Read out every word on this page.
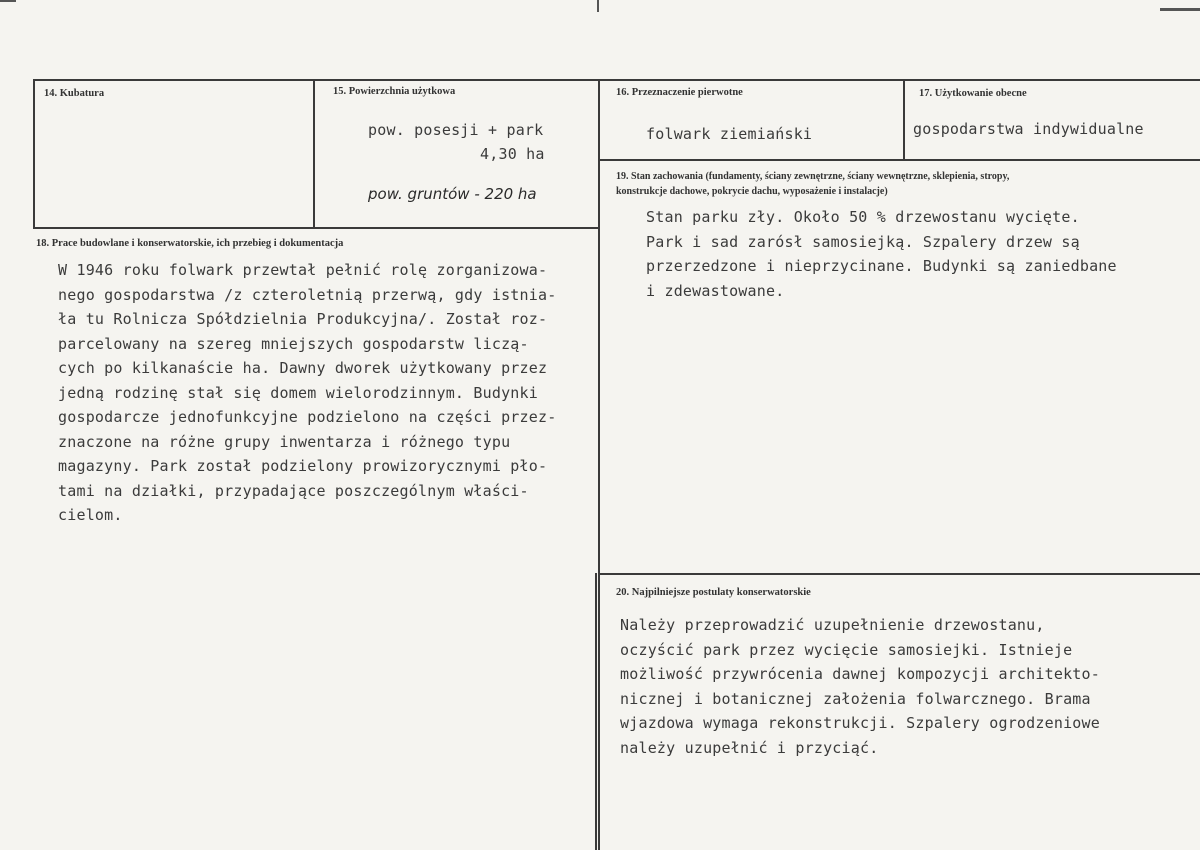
14. Kubatura	15. Powierzchnia użytkowa
pow. posesji + park
4,30 ha
pow. gruntów - 220 ha
16. Przeznaczenie pierwotne
folwark ziemiański
17. Użytkowanie obecne
gospodarstwa indywidualne
18. Prace budowlane i konserwatorskie, ich przebieg i dokumentacja
W 1946 roku folwark przewtał pełnić rolę zorganizowa-
nego gospodarstwa /z czteroletnią przerwą, gdy istnia-
ła tu Rolnicza Spółdzielnia Produkcyjna/. Został roz-
parcelowany na szereg mniejszych gospodarstw liczą-
cych po kilkanaście ha. Dawny dworek użytkowany przez
jedną rodzinę stał się domem wielorodzinnym. Budynki
gospodarcze jednofunkcyjne podzielono na części przez-
znaczone na różne grupy inwentarza i różnego typu
magazyny. Park został podzielony prowizorycznymi pło-
tami na działki, przypadające poszczególnym właści-
cielom.
19. Stan zachowania (fundamenty, ściany zewnętrzne, ściany wewnętrzne, sklepienia, stropy,
konstrukcje dachowe, pokrycie dachu, wyposażenie i instalacje)
Stan parku zły. Około 50 % drzewostanu wycięte.
Park i sad zarósł samosiejką. Szpalery drzew są
przerzedzone i nieprzycinane. Budynki są zaniedbane
i zdewastowane.
20. Najpilniejsze postulaty konserwatorskie
Należy przeprowadzić uzupełnienie drzewostanu,
oczyścić park przez wycięcie samosiejki. Istnieje
możliwość przywrócenia dawnej kompozycji architekto-
nicznej i botanicznej założenia folwarcznego. Brama
wjazdowa wymaga rekonstrukcji. Szpalery ogrodzeniowe
należy uzupełnić i przyciąć.
